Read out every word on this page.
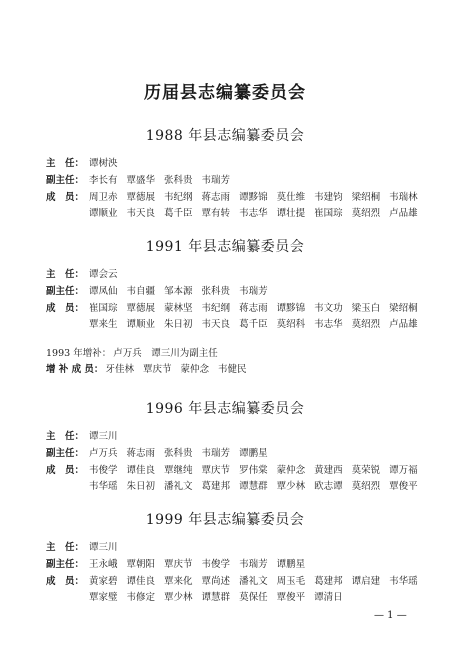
历届县志编纂委员会
1988 年县志编纂委员会
主　任： 谭树泱
副主任： 李长有 覃盛华 张科贵 韦瑞芳
成　员： 周卫赤 覃德展 韦纪纲 蒋志雨 谭黟锦 莫仕维 韦建钧 梁绍桐 韦瑞林
谭顺业 韦天良 葛千臣 覃有转 韦志华 谭壮提 崔国琮 莫绍烈 卢品雄
1991 年县志编纂委员会
主　任： 谭会云
副主任： 谭凤仙 韦自疆 邹本源 张科贵 韦瑞芳
成　员： 崔国琮 覃德展 蒙林坚 韦纪纲 蒋志雨 谭黟锦 韦文功 梁玉白 梁绍桐
覃来生 谭顺业 朱日初 韦天良 葛千臣 莫绍科 韦志华 莫绍烈 卢品雄
1993 年增补： 卢万兵　谭三川为副主任
增 补 成 员： 牙佳林 覃庆节 蒙仲念 韦健民
1996 年县志编纂委员会
主　任： 谭三川
副主任： 卢万兵 蒋志雨 张科贵 韦瑞芳 谭鹏星
成　员： 韦俊学 谭佳良 覃继纯 覃庆节 罗伟棠 蒙仲念 黄建西 莫荣锐 谭万福
韦华瑶 朱日初 潘礼文 葛建邦 谭慧群 覃少林 欧志谭 莫绍烈 覃俊平
1999 年县志编纂委员会
主　任： 谭三川
副主任： 王永峨 覃朝阳 覃庆节 韦俊学 韦瑞芳 谭鹏星
成　员： 黄家碧 谭佳良 覃来化 覃尚述 潘礼文 周玉毛 葛建邦 谭启建 韦华瑶
覃家璧 韦修定 覃少林 谭慧群 莫保任 覃俊平 谭清日
— 1 —
